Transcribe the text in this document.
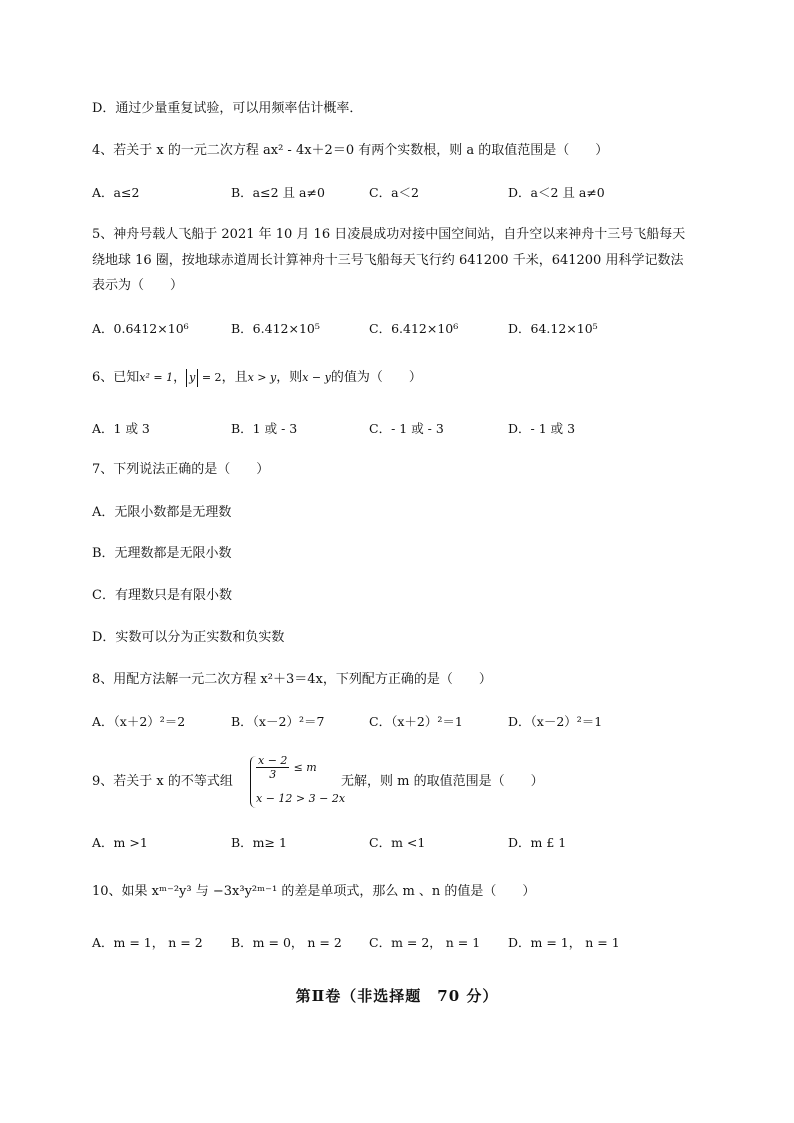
D．通过少量重复试验，可以用频率估计概率．
4、若关于 x 的一元二次方程 ax² - 4x＋2＝0 有两个实数根，则 a 的取值范围是（　　）
A．a≤2	B．a≤2 且 a≠0	C．a＜2	D．a＜2 且 a≠0
5、神舟号载人飞船于 2021 年 10 月 16 日凌晨成功对接中国空间站，自升空以来神舟十三号飞船每天
绕地球 16 圈，按地球赤道周长计算神舟十三号飞船每天飞行约 641200 千米，641200 用科学记数法
表示为（　　）
A．0.6412×10⁶	B．6.412×10⁵	C．6.412×10⁶	D．64.12×10⁵
6、已知x² = 1， y = 2，且x > y，则x − y的值为（　　）
A．1 或 3	B．1 或 - 3	C．- 1 或 - 3	D．- 1 或 3
7、下列说法正确的是（　　）
A．无限小数都是无理数
B．无理数都是无限小数
C．有理数只是有限小数
D．实数可以分为正实数和负实数
8、用配方法解一元二次方程 x²＋3＝4x，下列配方正确的是（　　）
A．（x＋2）²＝2	B．（x－2）²＝7	C．（x＋2）²＝1	D．（x－2）²＝1
9、若关于 x 的不等式组
$\frac{x - 2}{3} \le m$
x − 12 > 3 − 2x
无解，则 m 的取值范围是（　　）
A．m >1	B．m≥ 1	C．m <1	D．m £ 1
10、如果 xᵐ⁻²y³ 与 −3x³y²ᵐ⁻¹ 的差是单项式，那么 m 、n 的值是（　　）
A．m = 1， n = 2 B．m = 0， n = 2 C．m = 2， n = 1 D．m = 1， n = 1
第Ⅱ卷（非选择题　70 分）
